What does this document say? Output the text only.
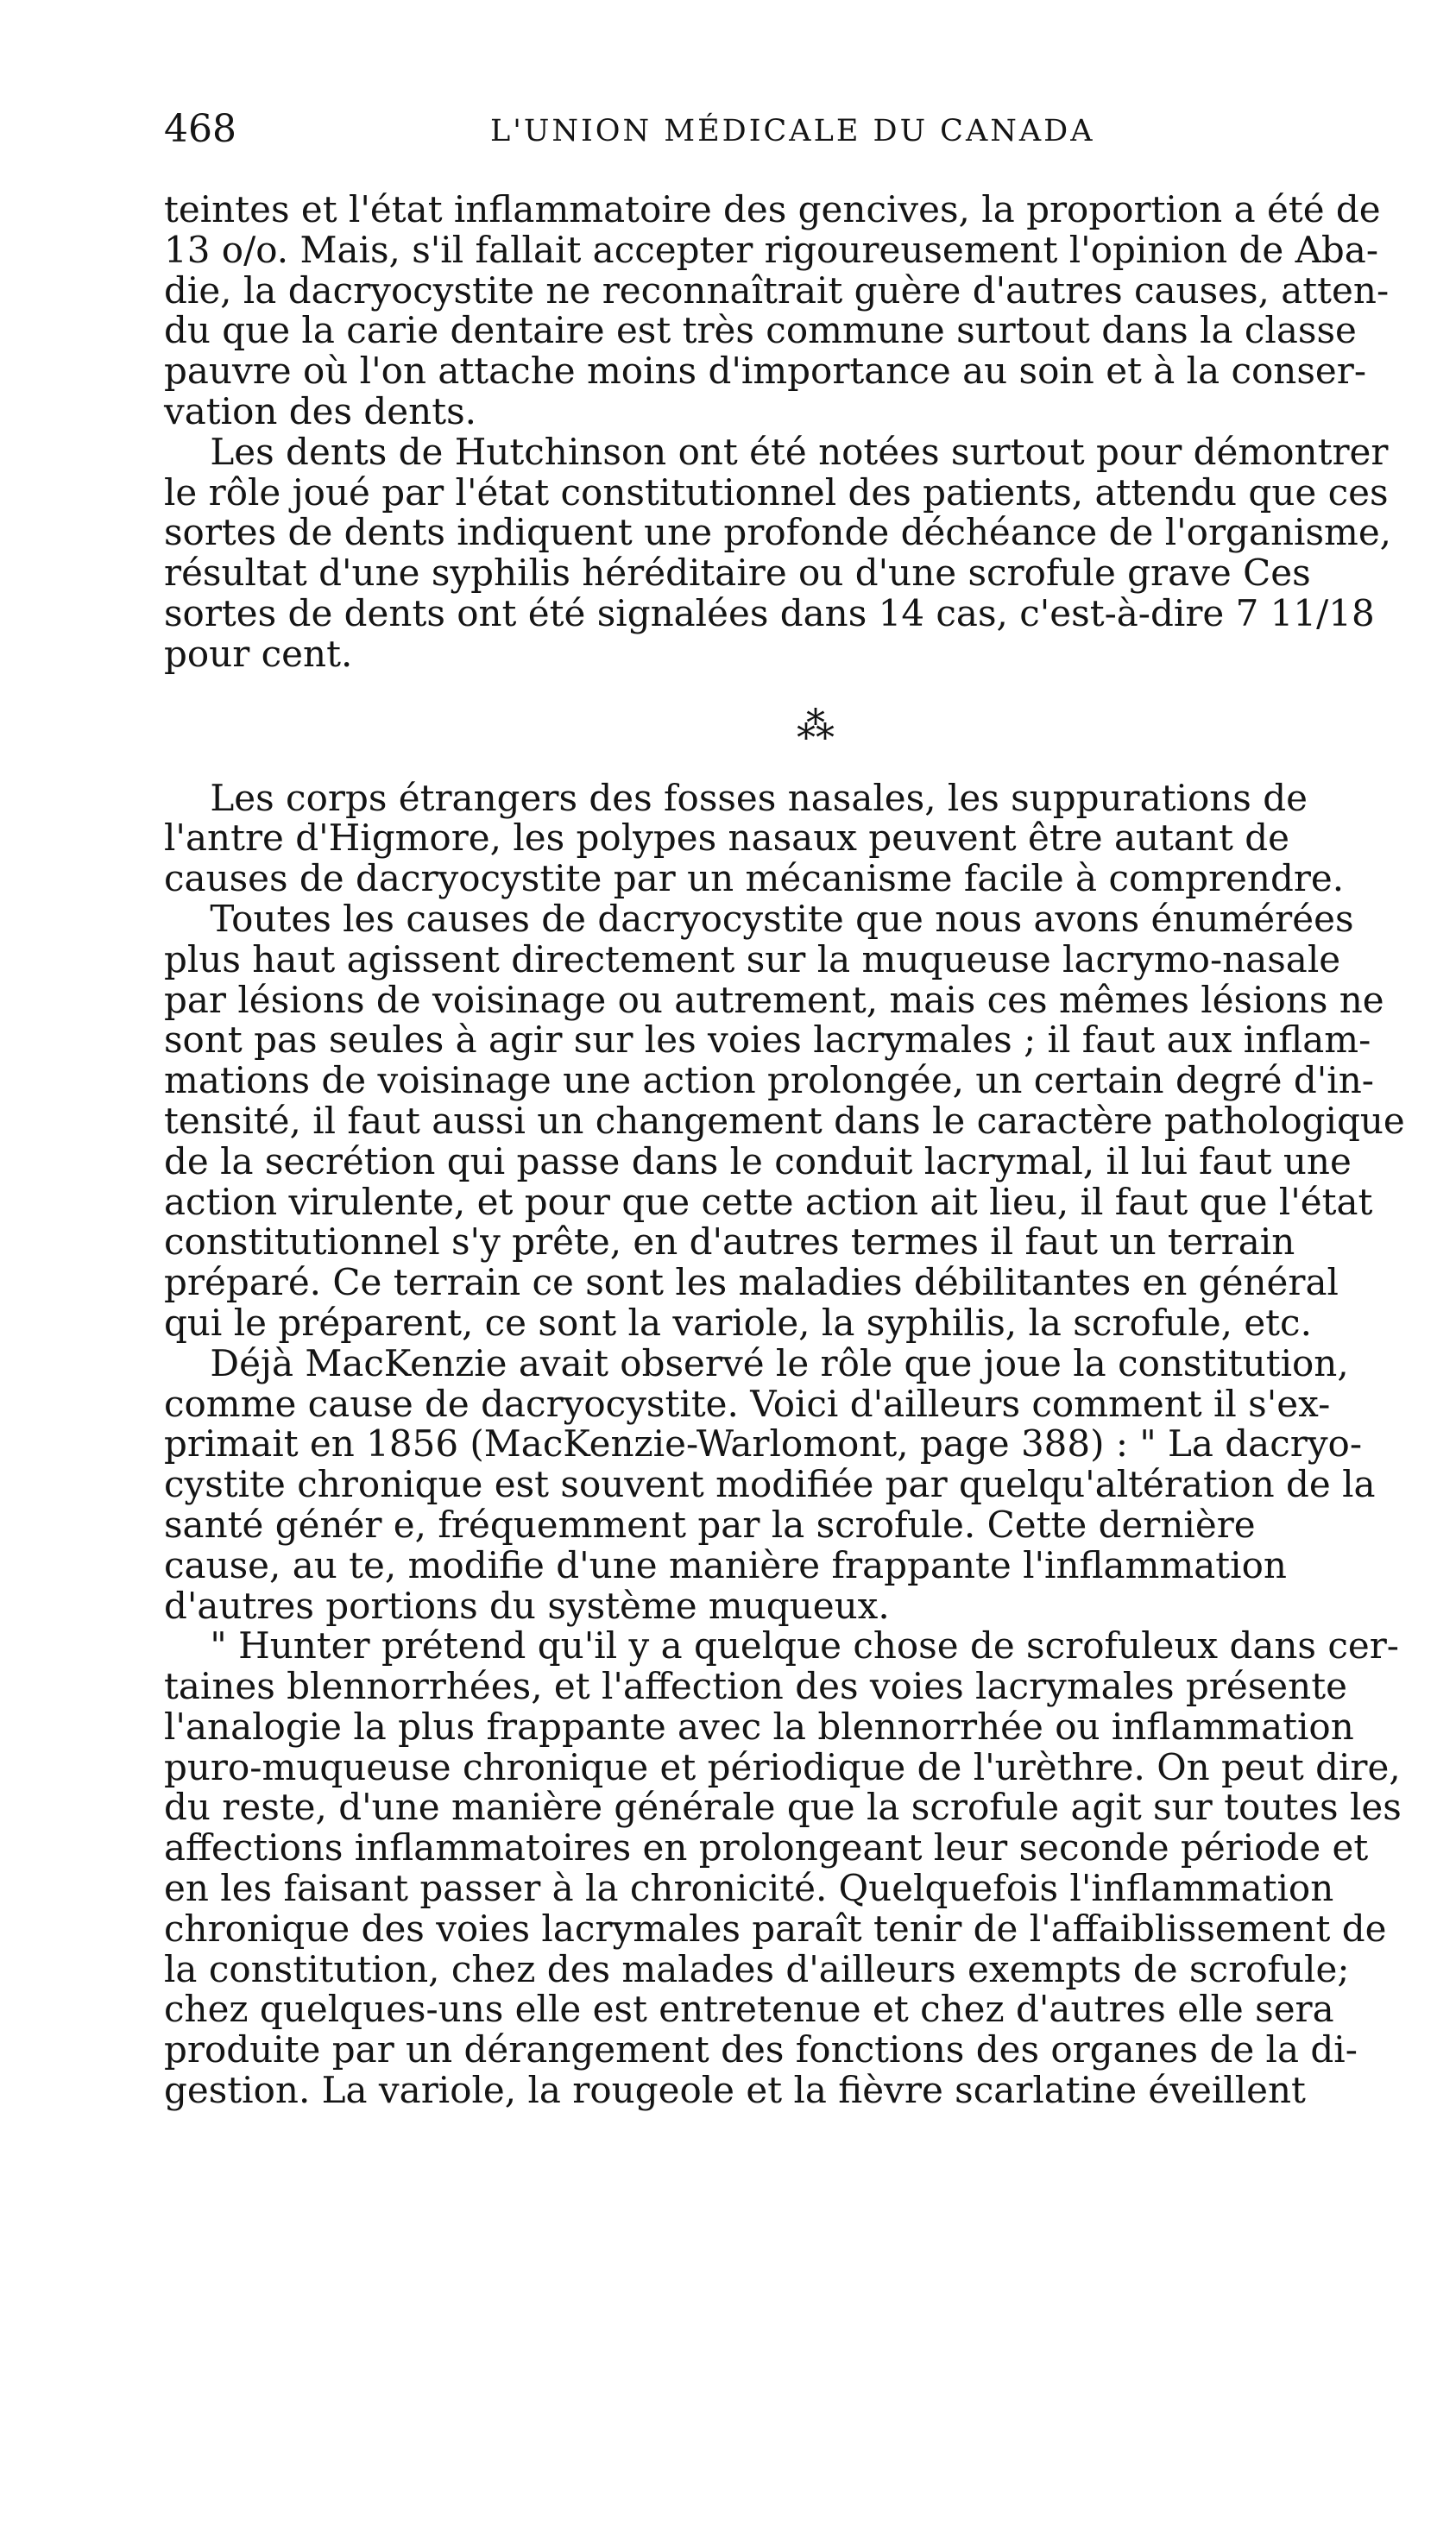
468	L'UNION MÉDICALE DU CANADA
teintes et l'état inflammatoire des gencives, la proportion a été de
13 o/o. Mais, s'il fallait accepter rigoureusement l'opinion de Aba-
die, la dacryocystite ne reconnaîtrait guère d'autres causes, atten-
du que la carie dentaire est très commune surtout dans la classe
pauvre où l'on attache moins d'importance au soin et à la conser-
vation des dents.
Les dents de Hutchinson ont été notées surtout pour démontrer
le rôle joué par l'état constitutionnel des patients, attendu que ces
sortes de dents indiquent une profonde déchéance de l'organisme,
résultat d'une syphilis héréditaire ou d'une scrofule grave Ces
sortes de dents ont été signalées dans 14 cas, c'est-à-dire 7 11/18
pour cent.
⁂
Les corps étrangers des fosses nasales, les suppurations de
l'antre d'Higmore, les polypes nasaux peuvent être autant de
causes de dacryocystite par un mécanisme facile à comprendre.
Toutes les causes de dacryocystite que nous avons énumérées
plus haut agissent directement sur la muqueuse lacrymo-nasale
par lésions de voisinage ou autrement, mais ces mêmes lésions ne
sont pas seules à agir sur les voies lacrymales ; il faut aux inflam-
mations de voisinage une action prolongée, un certain degré d'in-
tensité, il faut aussi un changement dans le caractère pathologique
de la secrétion qui passe dans le conduit lacrymal, il lui faut une
action virulente, et pour que cette action ait lieu, il faut que l'état
constitutionnel s'y prête, en d'autres termes il faut un terrain
préparé. Ce terrain ce sont les maladies débilitantes en général
qui le préparent, ce sont la variole, la syphilis, la scrofule, etc.
Déjà MacKenzie avait observé le rôle que joue la constitution,
comme cause de dacryocystite. Voici d'ailleurs comment il s'ex-
primait en 1856 (MacKenzie-Warlomont, page 388) : " La dacryo-
cystite chronique est souvent modifiée par quelqu'altération de la
santé génér e, fréquemment par la scrofule. Cette dernière
cause, au te, modifie d'une manière frappante l'inflammation
d'autres portions du système muqueux.
" Hunter prétend qu'il y a quelque chose de scrofuleux dans cer-
taines blennorrhées, et l'affection des voies lacrymales présente
l'analogie la plus frappante avec la blennorrhée ou inflammation
puro-muqueuse chronique et périodique de l'urèthre. On peut dire,
du reste, d'une manière générale que la scrofule agit sur toutes les
affections inflammatoires en prolongeant leur seconde période et
en les faisant passer à la chronicité. Quelquefois l'inflammation
chronique des voies lacrymales paraît tenir de l'affaiblissement de
la constitution, chez des malades d'ailleurs exempts de scrofule;
chez quelques-uns elle est entretenue et chez d'autres elle sera
produite par un dérangement des fonctions des organes de la di-
gestion. La variole, la rougeole et la fièvre scarlatine éveillent
